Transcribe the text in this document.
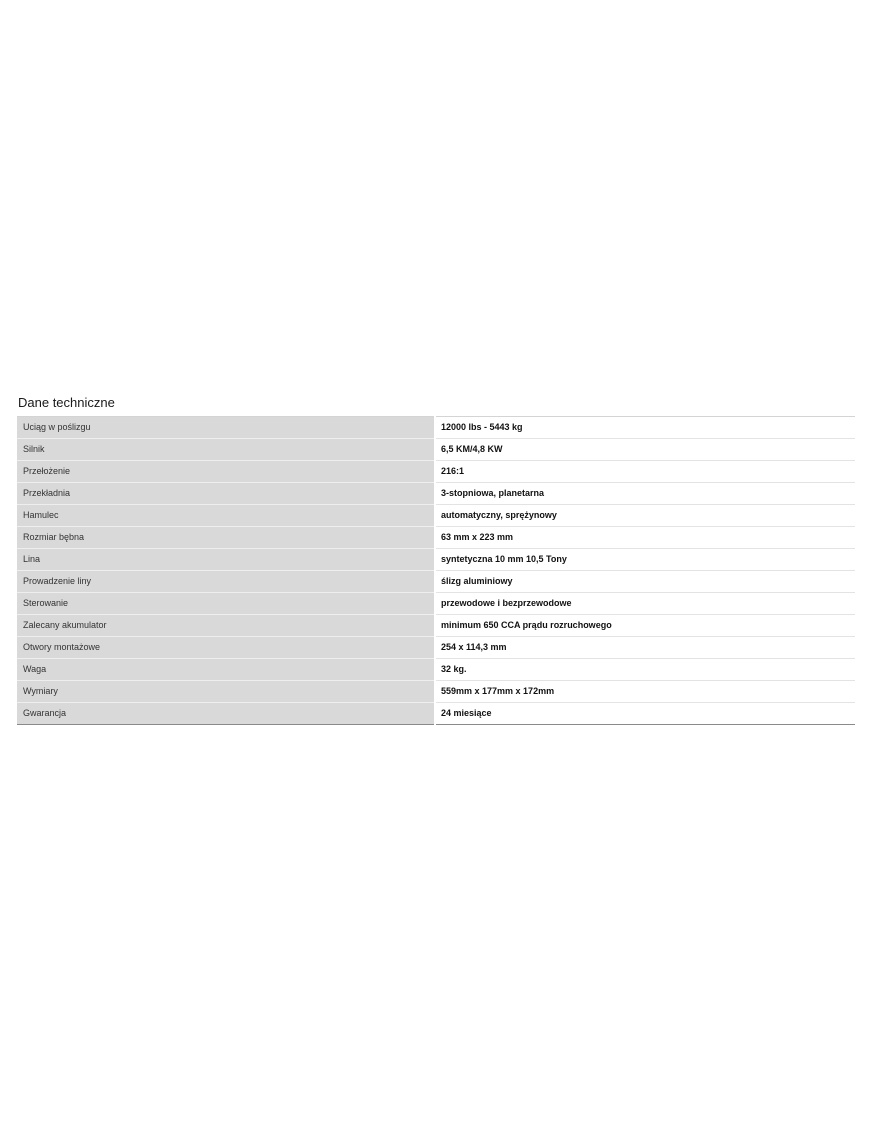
Dane techniczne
Uciąg w poślizgu	12000 lbs - 5443 kg
Silnik	6,5 KM/4,8 KW
Przełożenie	216:1
Przekładnia	3-stopniowa, planetarna
Hamulec	automatyczny, sprężynowy
Rozmiar bębna	63 mm x 223 mm
Lina	syntetyczna 10 mm 10,5 Tony
Prowadzenie liny	ślizg aluminiowy
Sterowanie	przewodowe i bezprzewodowe
Zalecany akumulator	minimum 650 CCA prądu rozruchowego
Otwory montażowe	254 x 114,3 mm
Waga	32 kg.
Wymiary	559mm x 177mm x 172mm
Gwarancja	24 miesiące
